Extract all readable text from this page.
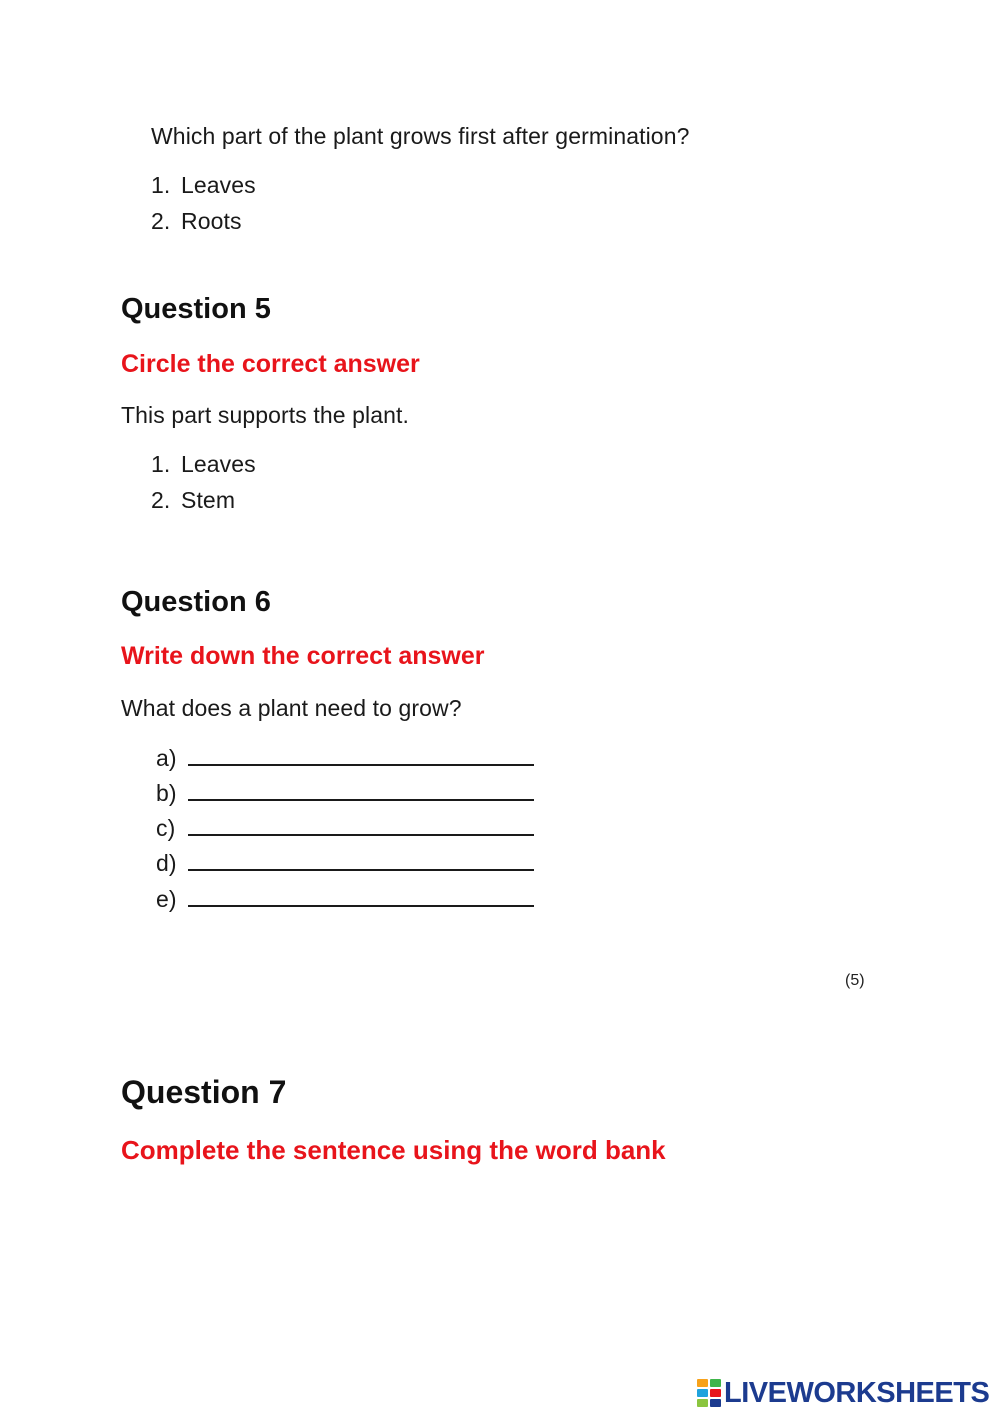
Which part of the plant grows first after germination?
1. Leaves
2. Roots
Question 5
Circle the correct answer
This part supports the plant.
1. Leaves
2. Stem
Question 6
Write down the correct answer
What does a plant need to grow?
a)
b)
c)
d)
e)
(5)
Question 7
Complete the sentence using the word bank
LIVEWORKSHEETS
